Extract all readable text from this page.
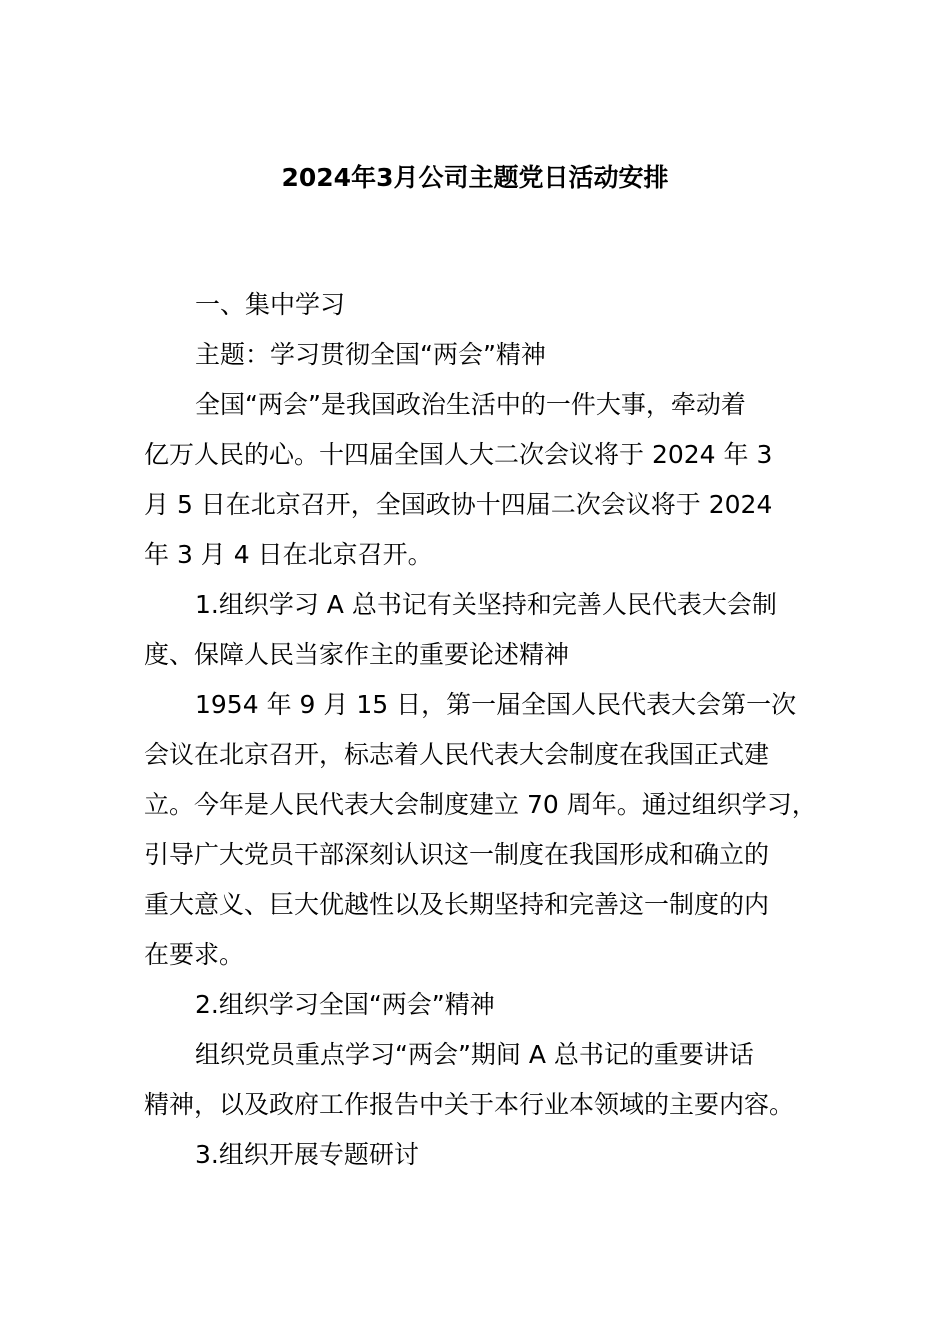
2024年3月公司主题党日活动安排
一、集中学习
主题：学习贯彻全国“两会”精神
全国“两会”是我国政治生活中的一件大事，牵动着
亿万人民的心。十四届全国人大二次会议将于 2024 年 3
月 5 日在北京召开，全国政协十四届二次会议将于 2024
年 3 月 4 日在北京召开。
1.组织学习 A 总书记有关坚持和完善人民代表大会制
度、保障人民当家作主的重要论述精神
1954 年 9 月 15 日，第一届全国人民代表大会第一次
会议在北京召开，标志着人民代表大会制度在我国正式建
立。今年是人民代表大会制度建立 70 周年。通过组织学习，
引导广大党员干部深刻认识这一制度在我国形成和确立的
重大意义、巨大优越性以及长期坚持和完善这一制度的内
在要求。
2.组织学习全国“两会”精神
组织党员重点学习“两会”期间 A 总书记的重要讲话
精神，以及政府工作报告中关于本行业本领域的主要内容。
3.组织开展专题研讨
